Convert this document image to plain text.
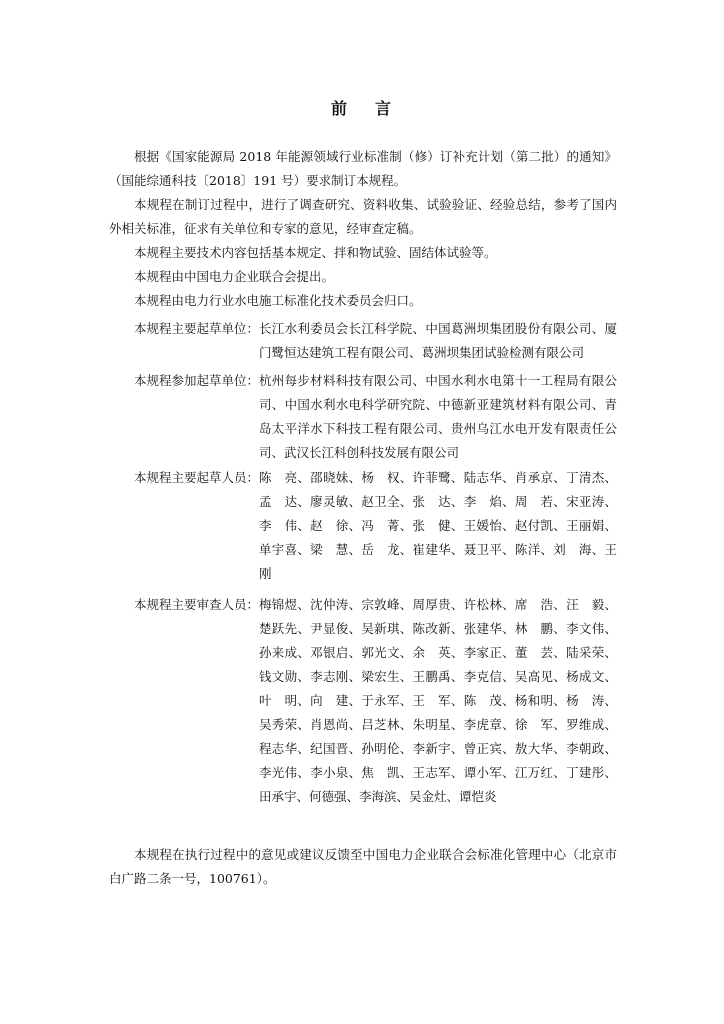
前 言
根据《国家能源局 2018 年能源领域行业标准制（修）订补充计划（第二批）的通知》（国能综通科技〔2018〕191 号）要求制订本规程。
本规程在制订过程中，进行了调查研究、资料收集、试验验证、经验总结，参考了国内外相关标准，征求有关单位和专家的意见，经审查定稿。
本规程主要技术内容包括基本规定、拌和物试验、固结体试验等。
本规程由中国电力企业联合会提出。
本规程由电力行业水电施工标准化技术委员会归口。
本规程主要起草单位： 长江水利委员会长江科学院、中国葛洲坝集团股份有限公司、厦门鹭恒达建筑工程有限公司、葛洲坝集团试验检测有限公司
本规程参加起草单位： 杭州每步材料科技有限公司、中国水利水电第十一工程局有限公司、中国水利水电科学研究院、中德新亚建筑材料有限公司、青岛太平洋水下科技工程有限公司、贵州乌江水电开发有限责任公司、武汉长江科创科技发展有限公司
本规程主要起草人员： 陈　亮、邵晓妹、杨　权、许菲鹭、陆志华、肖承京、丁清杰、孟　达、廖灵敏、赵卫全、张　达、李　焰、周　若、宋亚涛、李　伟、赵　徐、冯　菁、张　健、王媛怡、赵付凯、王丽娟、单宇喜、梁　慧、岳　龙、崔建华、聂卫平、陈洋、刘　海、王　刚
本规程主要审查人员： 梅锦煜、沈仲涛、宗敦峰、周厚贵、许松林、席　浩、汪　毅、楚跃先、尹显俊、吴新琪、陈改新、张建华、林　鹏、李文伟、孙来成、邓银启、郭光文、余　英、李家正、董　芸、陆采荣、钱文勋、李志刚、梁宏生、王鹏禹、李克信、吴高见、杨成文、叶　明、向　建、于永军、王　军、陈　茂、杨和明、杨　涛、吴秀荣、肖恩尚、吕芝林、朱明星、李虎章、徐　军、罗维成、程志华、纪国晋、孙明伦、李新宇、曾正宾、敖大华、李朝政、李光伟、李小泉、焦　凯、王志军、谭小军、江万红、丁建彤、田承宇、何德强、李海滨、吴金灶、谭恺炎
本规程在执行过程中的意见或建议反馈至中国电力企业联合会标准化管理中心（北京市白广路二条一号，100761）。
